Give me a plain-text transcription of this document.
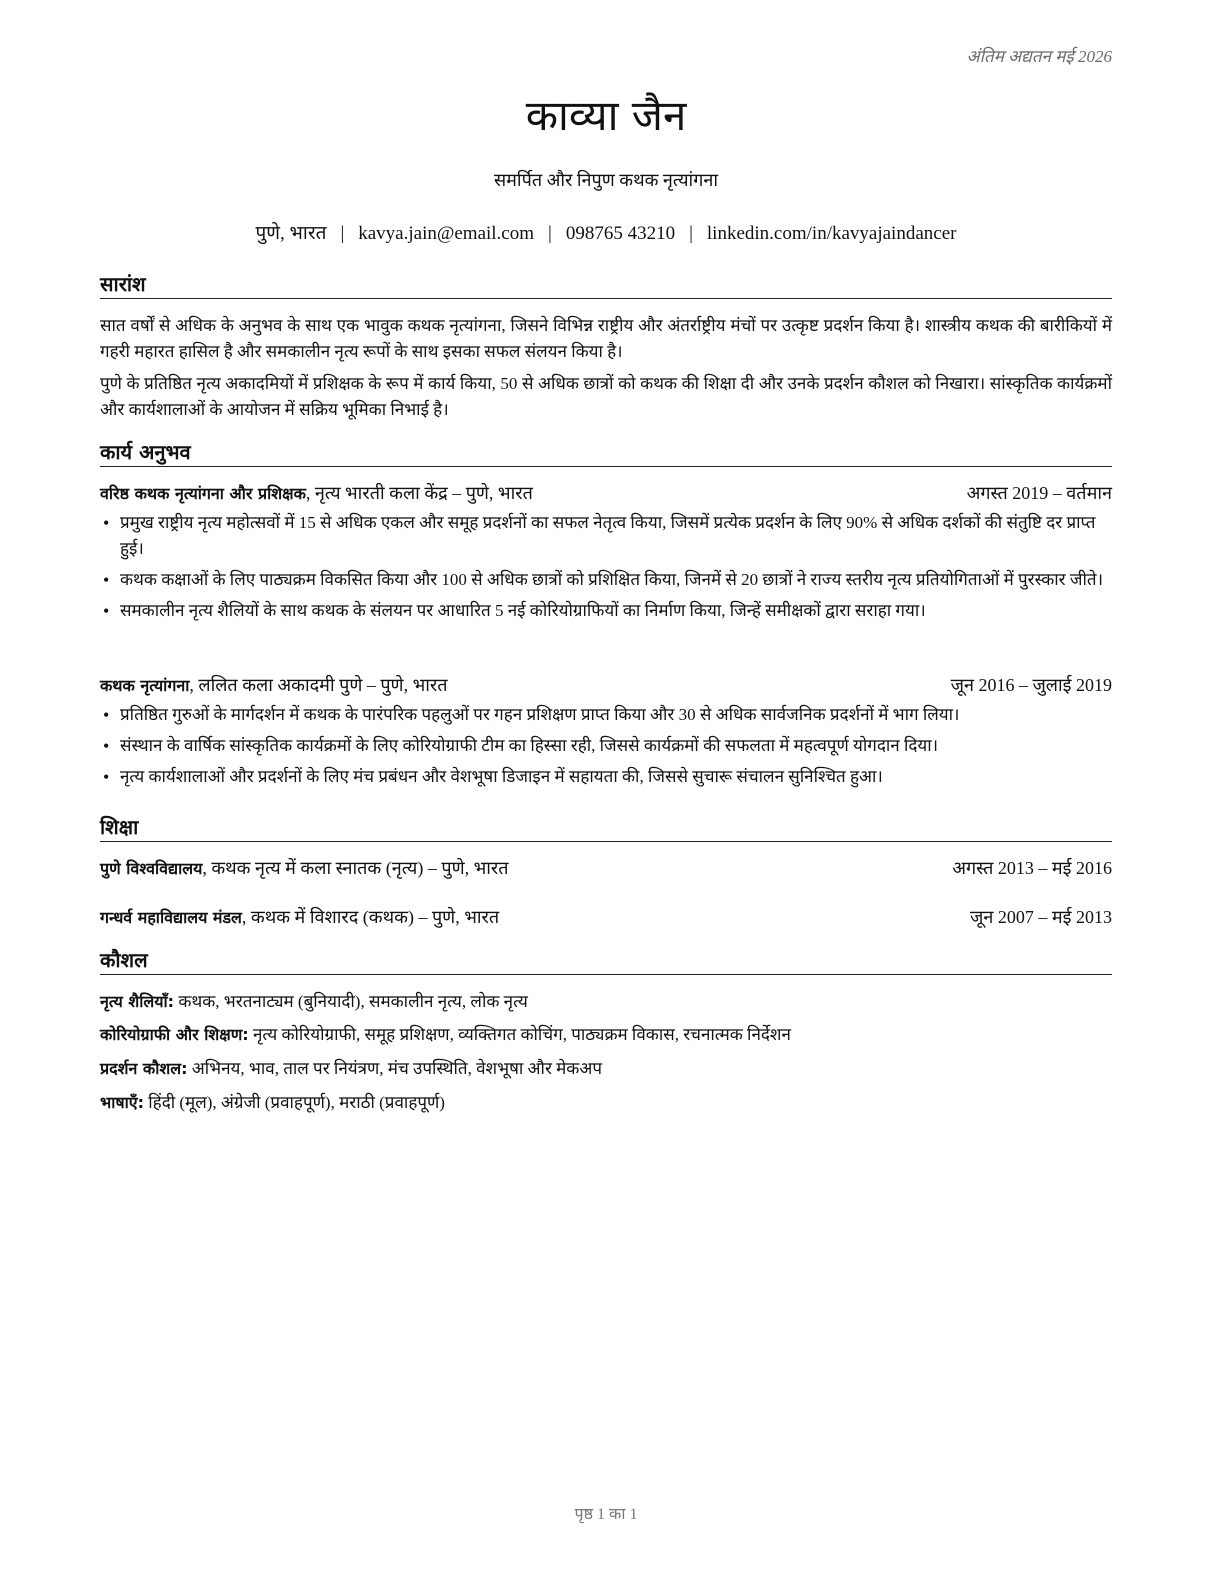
अंतिम अद्यतन मई 2026
काव्या जैन
समर्पित और निपुण कथक नृत्यांगना
पुणे, भारत | kavya.jain@email.com | 098765 43210 | linkedin.com/in/kavyajaindancer
सारांश

सात वर्षों से अधिक के अनुभव के साथ एक भावुक कथक नृत्यांगना, जिसने विभिन्न राष्ट्रीय और अंतर्राष्ट्रीय मंचों पर उत्कृष्ट प्रदर्शन किया है। शास्त्रीय कथक की बारीकियों में गहरी महारत हासिल है और समकालीन नृत्य रूपों के साथ इसका सफल संलयन किया है।

पुणे के प्रतिष्ठित नृत्य अकादमियों में प्रशिक्षक के रूप में कार्य किया, 50 से अधिक छात्रों को कथक की शिक्षा दी और उनके प्रदर्शन कौशल को निखारा। सांस्कृतिक कार्यक्रमों और कार्यशालाओं के आयोजन में सक्रिय भूमिका निभाई है।

कार्य अनुभव
वरिष्ठ कथक नृत्यांगना और प्रशिक्षक, नृत्य भारती कला केंद्र – पुणे, भारत	अगस्त 2019 – वर्तमान
• प्रमुख राष्ट्रीय नृत्य महोत्सवों में 15 से अधिक एकल और समूह प्रदर्शनों का सफल नेतृत्व किया, जिसमें प्रत्येक प्रदर्शन के लिए 90% से अधिक दर्शकों की संतुष्टि दर प्राप्त हुई।
• कथक कक्षाओं के लिए पाठ्यक्रम विकसित किया और 100 से अधिक छात्रों को प्रशिक्षित किया, जिनमें से 20 छात्रों ने राज्य स्तरीय नृत्य प्रतियोगिताओं में पुरस्कार जीते।
• समकालीन नृत्य शैलियों के साथ कथक के संलयन पर आधारित 5 नई कोरियोग्राफियों का निर्माण किया, जिन्हें समीक्षकों द्वारा सराहा गया।
कथक नृत्यांगना, ललित कला अकादमी पुणे – पुणे, भारत	जून 2016 – जुलाई 2019
• प्रतिष्ठित गुरुओं के मार्गदर्शन में कथक के पारंपरिक पहलुओं पर गहन प्रशिक्षण प्राप्त किया और 30 से अधिक सार्वजनिक प्रदर्शनों में भाग लिया।
• संस्थान के वार्षिक सांस्कृतिक कार्यक्रमों के लिए कोरियोग्राफी टीम का हिस्सा रही, जिससे कार्यक्रमों की सफलता में महत्वपूर्ण योगदान दिया।
• नृत्य कार्यशालाओं और प्रदर्शनों के लिए मंच प्रबंधन और वेशभूषा डिजाइन में सहायता की, जिससे सुचारू संचालन सुनिश्चित हुआ।
शिक्षा
पुणे विश्वविद्यालय, कथक नृत्य में कला स्नातक (नृत्य) – पुणे, भारत	अगस्त 2013 – मई 2016
गन्धर्व महाविद्यालय मंडल, कथक में विशारद (कथक) – पुणे, भारत	जून 2007 – मई 2013
कौशल
नृत्य शैलियाँ: कथक, भरतनाट्यम (बुनियादी), समकालीन नृत्य, लोक नृत्य
कोरियोग्राफी और शिक्षण: नृत्य कोरियोग्राफी, समूह प्रशिक्षण, व्यक्तिगत कोचिंग, पाठ्यक्रम विकास, रचनात्मक निर्देशन
प्रदर्शन कौशल: अभिनय, भाव, ताल पर नियंत्रण, मंच उपस्थिति, वेशभूषा और मेकअप
भाषाएँ: हिंदी (मूल), अंग्रेजी (प्रवाहपूर्ण), मराठी (प्रवाहपूर्ण)
पृष्ठ 1 का 1
